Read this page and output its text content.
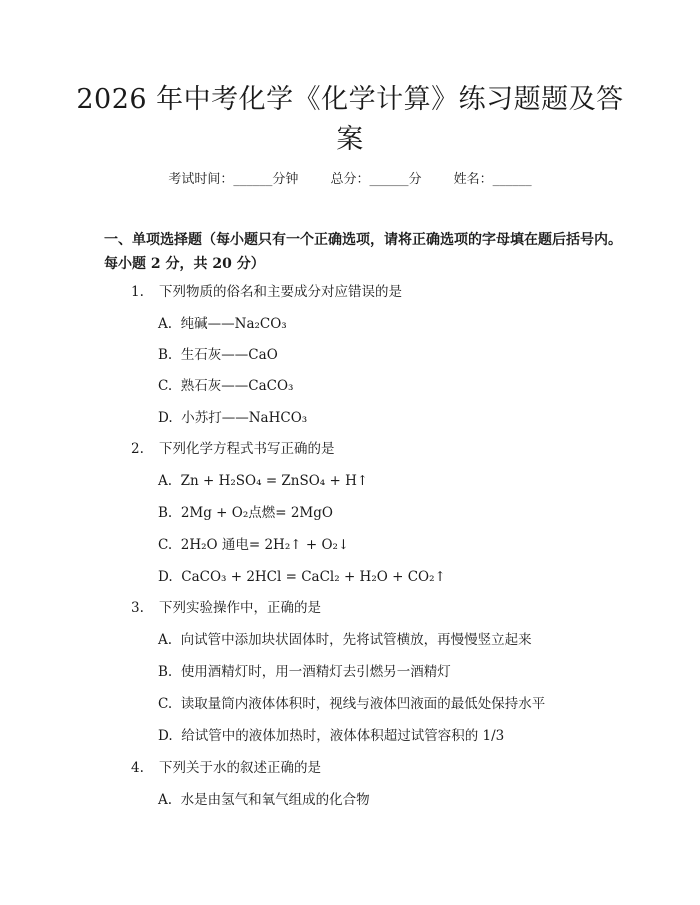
2026 年中考化学《化学计算》练习题题及答案
考试时间：______分钟 总分：______分 姓名：______
一、单项选择题（每小题只有一个正确选项，请将正确选项的字母填在题后括号内。每小题 2 分，共 20 分）
1. 下列物质的俗名和主要成分对应错误的是
A. 纯碱——Na₂CO₃
B. 生石灰——CaO
C. 熟石灰——CaCO₃
D. 小苏打——NaHCO₃
2. 下列化学方程式书写正确的是
A. Zn + H₂SO₄ = ZnSO₄ + H↑
B. 2Mg + O₂点燃= 2MgO
C. 2H₂O 通电= 2H₂↑ + O₂↓
D. CaCO₃ + 2HCl = CaCl₂ + H₂O + CO₂↑
3. 下列实验操作中，正确的是
A. 向试管中添加块状固体时，先将试管横放，再慢慢竖立起来
B. 使用酒精灯时，用一酒精灯去引燃另一酒精灯
C. 读取量筒内液体体积时，视线与液体凹液面的最低处保持水平
D. 给试管中的液体加热时，液体体积超过试管容积的 1/3
4. 下列关于水的叙述正确的是
A. 水是由氢气和氧气组成的化合物
